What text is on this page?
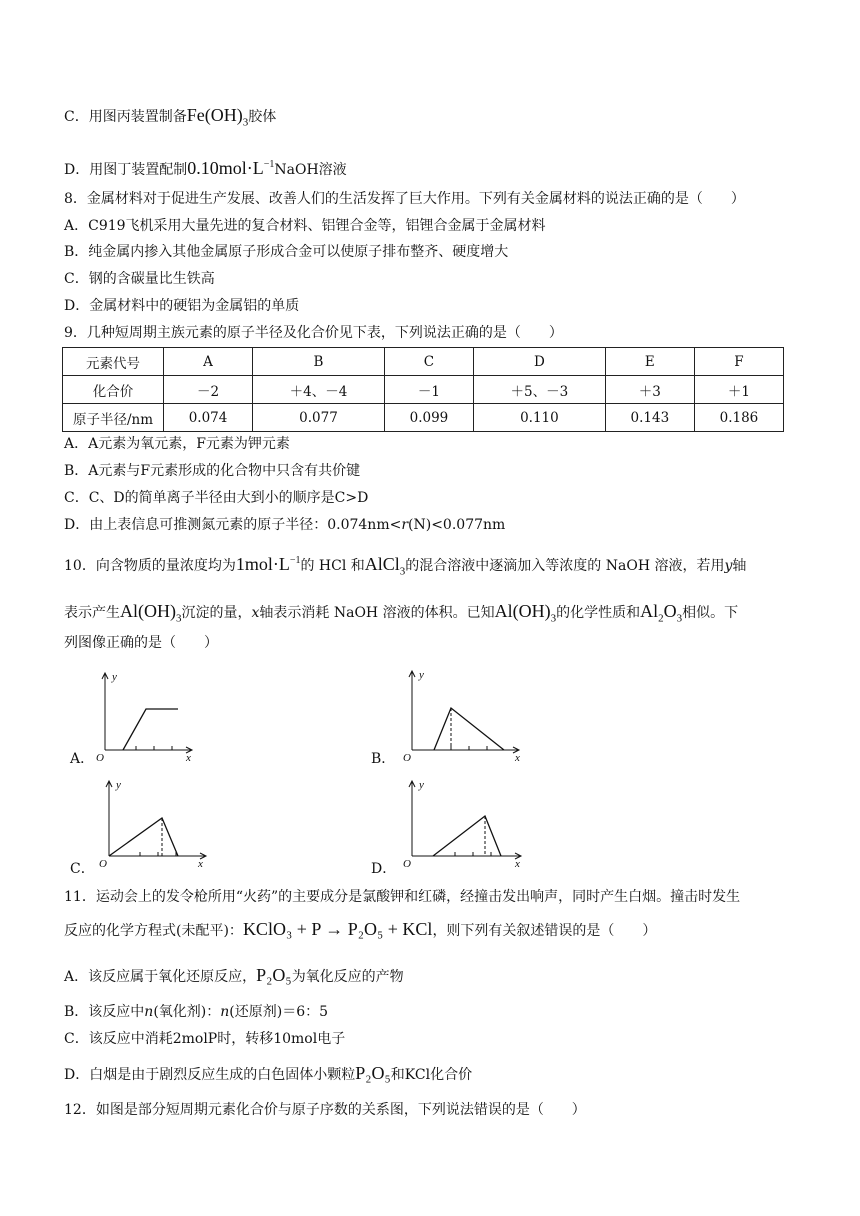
C．用图丙装置制备$Fe(OH)_3$胶体
D．用图丁装置配制$0.10mol\cdot L^{-1}NaOH$溶液
8．金属材料对于促进生产发展、改善人们的生活发挥了巨大作用。下列有关金属材料的说法正确的是（　　）
A．C919飞机采用大量先进的复合材料、铝锂合金等，铝锂合金属于金属材料
B．纯金属内掺入其他金属原子形成合金可以使原子排布整齐、硬度增大
C．钢的含碳量比生铁高
D．金属材料中的硬铝为金属铝的单质
9．几种短周期主族元素的原子半径及化合价见下表，下列说法正确的是（　　）
元素代号	A	B	C	D	E	F
化合价	－2	＋4、－4	－1	＋5、－3	＋3	＋1
原子半径/nm	0.074	0.077	0.099	0.110	0.143	0.186
A．A元素为氧元素，F元素为钾元素
B．A元素与F元素形成的化合物中只含有共价键
C．C、D的简单离子半径由大到小的顺序是C>D
D．由上表信息可推测氮元素的原子半径：0.074nm<r(N)<0.077nm
10．向含物质的量浓度均为$1mol\cdot L^{-1}$的 HCl 和AlCl$_3$的混合溶液中逐滴加入等浓度的 NaOH 溶液，若用y轴
表示产生$Al(OH)_3$沉淀的量，x轴表示消耗 NaOH 溶液的体积。已知$Al(OH)_3$的化学性质和$Al_2O_3$相似。下
列图像正确的是（　　）
A．
y
x
O	B．
y
x
O
C．
y
x
O	D．
y
x
O
11．运动会上的发令枪所用“火药”的主要成分是氯酸钾和红磷，经撞击发出响声，同时产生白烟。撞击时发生
反应的化学方程式(未配平)：KClO₃ + P → P₂O₅ + KCl，则下列有关叙述错误的是（　　）
A．该反应属于氧化还原反应，P₂O₅为氧化反应的产物
B．该反应中n(氧化剂)：n(还原剂)＝6：5
C．该反应中消耗2molP时，转移10mol电子
D．白烟是由于剧烈反应生成的白色固体小颗粒P₂O₅和KCl化合价
12．如图是部分短周期元素化合价与原子序数的关系图，下列说法错误的是（　　）
